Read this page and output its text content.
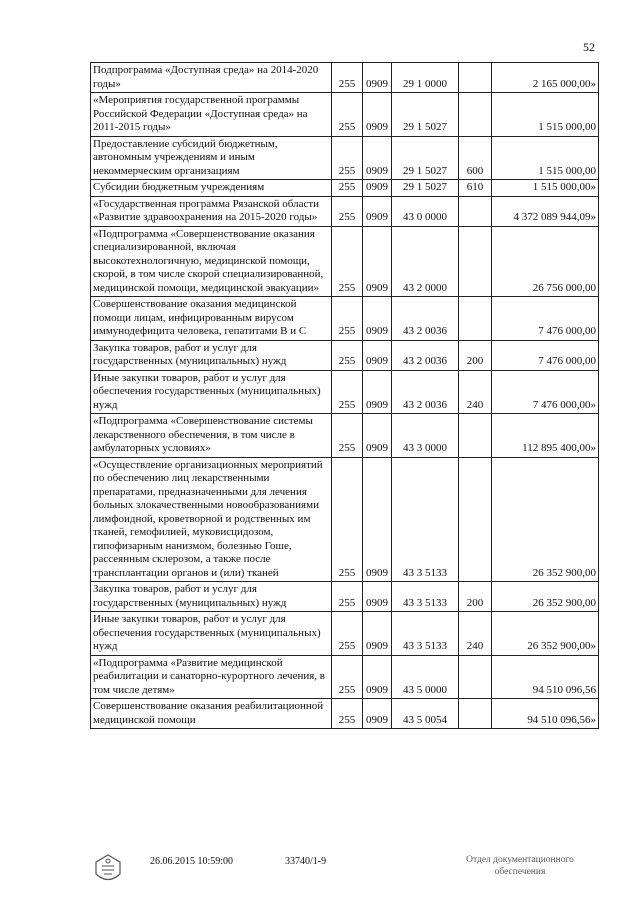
52
Подпрограмма «Доступная среда» на 2014-2020 годы»	255	0909	29 1 0000		2 165 000,00»
«Мероприятия государственной программы Российской Федерации «Доступная среда» на 2011-2015 годы»	255	0909	29 1 5027		1 515 000,00
Предоставление субсидий бюджетным, автономным учреждениям и иным некоммерческим организациям	255	0909	29 1 5027	600	1 515 000,00
Субсидии бюджетным учреждениям	255	0909	29 1 5027	610	1 515 000,00»
«Государственная программа Рязанской области «Развитие здравоохранения на 2015-2020 годы»	255	0909	43 0 0000		4 372 089 944,09»
«Подпрограмма «Совершенствование оказания специализированной, включая высокотехнологичную, медицинской помощи, скорой, в том числе скорой специализированной, медицинской помощи, медицинской эвакуации»	255	0909	43 2 0000		26 756 000,00
Совершенствование оказания медицинской помощи лицам, инфицированным вирусом иммунодефицита человека, гепатитами В и С	255	0909	43 2 0036		7 476 000,00
Закупка товаров, работ и услуг для государственных (муниципальных) нужд	255	0909	43 2 0036	200	7 476 000,00
Иные закупки товаров, работ и услуг для обеспечения государственных (муниципальных) нужд	255	0909	43 2 0036	240	7 476 000,00»
«Подпрограмма «Совершенствование системы лекарственного обеспечения, в том числе в амбулаторных условиях»	255	0909	43 3 0000		112 895 400,00»
«Осуществление организационных мероприятий по обеспечению лиц лекарственными препаратами, предназначенными для лечения больных злокачественными новообразованиями лимфоидной, кроветворной и родственных им тканей, гемофилией, муковисцидозом, гипофизарным нанизмом, болезнью Гоше, рассеянным склерозом, а также после трансплантации органов и (или) тканей	255	0909	43 3 5133		26 352 900,00
Закупка товаров, работ и услуг для государственных (муниципальных) нужд	255	0909	43 3 5133	200	26 352 900,00
Иные закупки товаров, работ и услуг для обеспечения государственных (муниципальных) нужд	255	0909	43 3 5133	240	26 352 900,00»
«Подпрограмма «Развитие медицинской реабилитации и санаторно-курортного лечения, в том числе детям»	255	0909	43 5 0000		94 510 096,56
Совершенствование оказания реабилитационной медицинской помощи	255	0909	43 5 0054		94 510 096,56»
26.06.2015 10:59:00	33740/1-9	Отдел документационного
обеспечения
